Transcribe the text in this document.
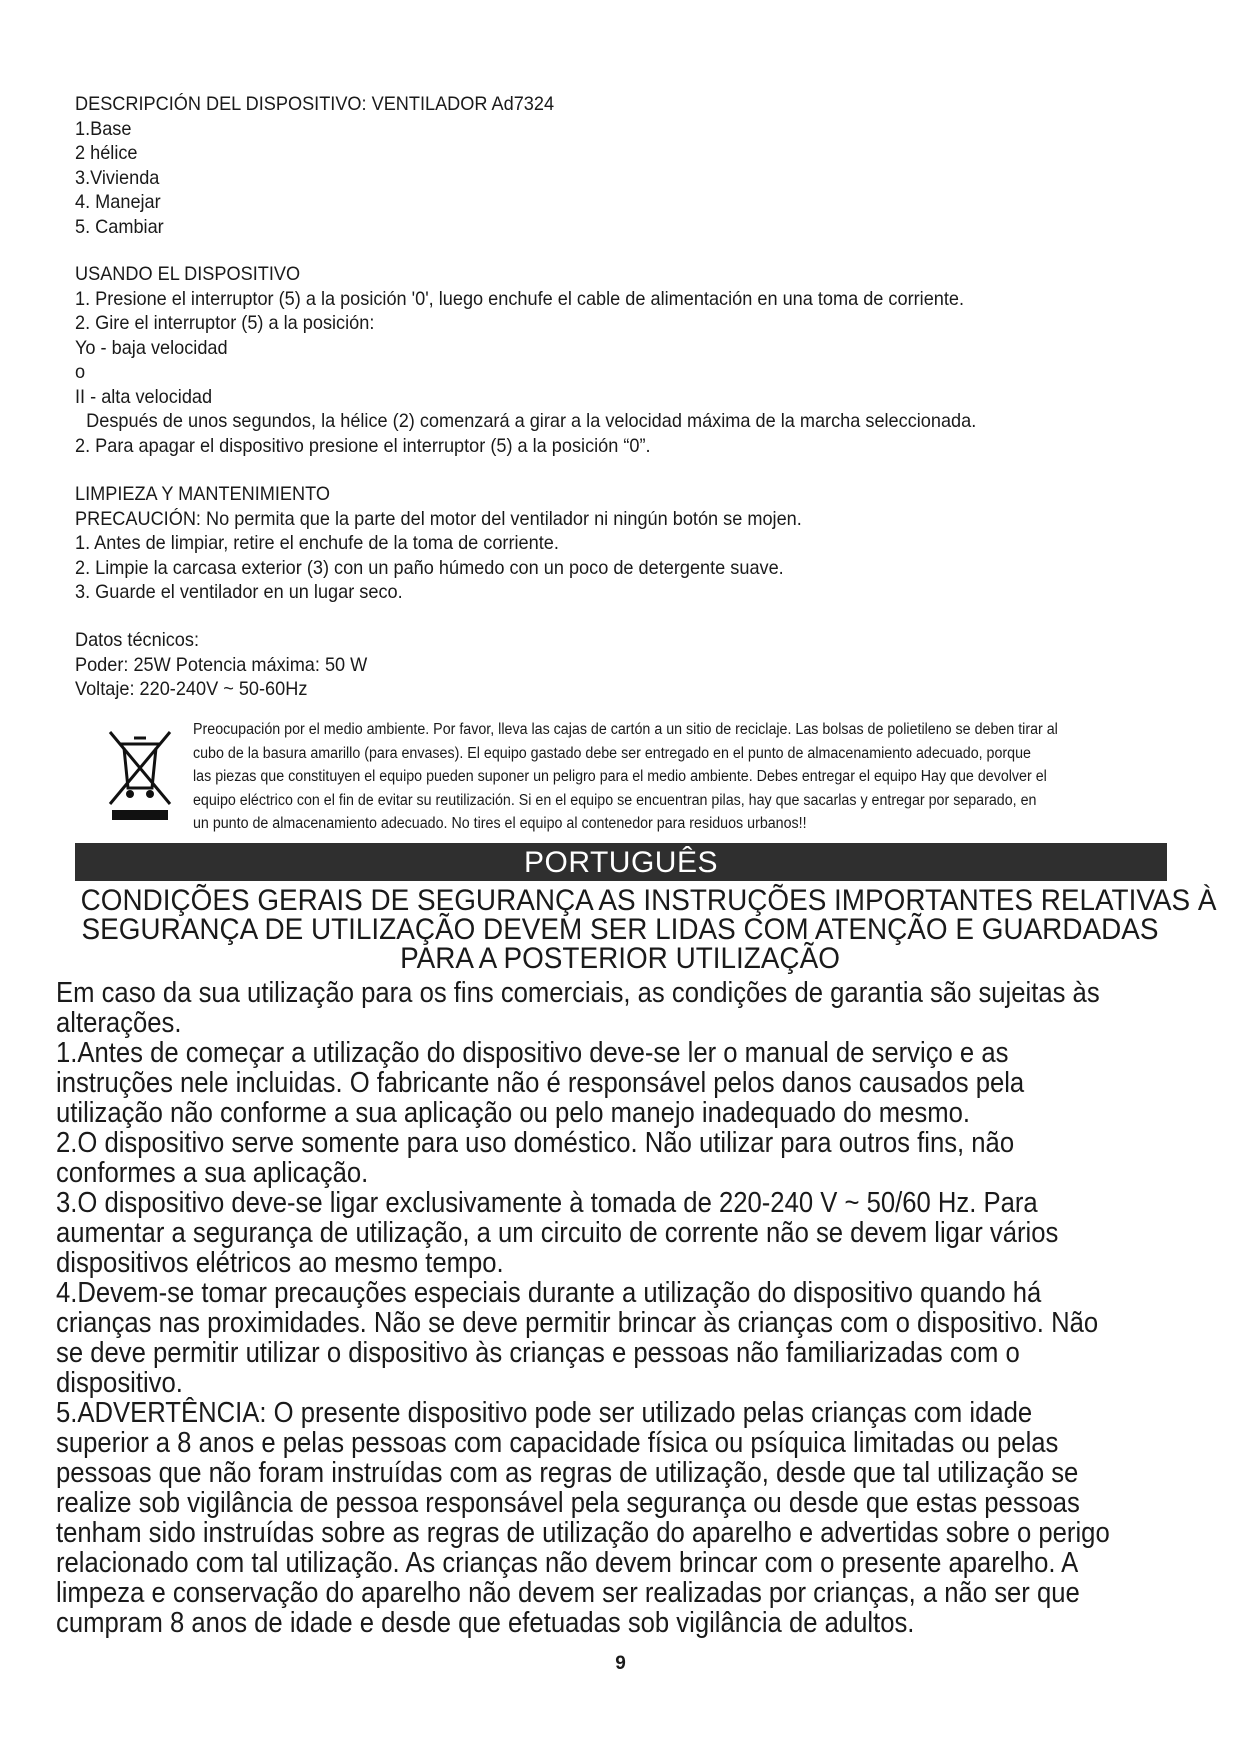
DESCRIPCIÓN DEL DISPOSITIVO: VENTILADOR Ad7324
1.Base
2 hélice
3.Vivienda
4. Manejar
5. Cambiar
USANDO EL DISPOSITIVO
1. Presione el interruptor (5) a la posición '0', luego enchufe el cable de alimentación en una toma de corriente.
2. Gire el interruptor (5) a la posición:
Yo - baja velocidad
o
II - alta velocidad
Después de unos segundos, la hélice (2) comenzará a girar a la velocidad máxima de la marcha seleccionada.
2. Para apagar el dispositivo presione el interruptor (5) a la posición “0”.
LIMPIEZA Y MANTENIMIENTO
PRECAUCIÓN: No permita que la parte del motor del ventilador ni ningún botón se mojen.
1. Antes de limpiar, retire el enchufe de la toma de corriente.
2. Limpie la carcasa exterior (3) con un paño húmedo con un poco de detergente suave.
3. Guarde el ventilador en un lugar seco.
Datos técnicos:
Poder: 25W Potencia máxima: 50 W
Voltaje: 220-240V ~ 50-60Hz
Preocupación por el medio ambiente. Por favor, lleva las cajas de cartón a un sitio de reciclaje. Las bolsas de polietileno se deben tirar al
cubo de la basura amarillo (para envases). El equipo gastado debe ser entregado en el punto de almacenamiento adecuado, porque
las piezas que constituyen el equipo pueden suponer un peligro para el medio ambiente. Debes entregar el equipo Hay que devolver el
equipo eléctrico con el fin de evitar su reutilización. Si en el equipo se encuentran pilas, hay que sacarlas y entregar por separado, en
un punto de almacenamiento adecuado. No tires el equipo al contenedor para residuos urbanos!!
PORTUGUÊS
CONDIÇÕES GERAIS DE SEGURANÇA AS INSTRUÇÕES IMPORTANTES RELATIVAS À
SEGURANÇA DE UTILIZAÇÃO DEVEM SER LIDAS COM ATENÇÃO E GUARDADAS
PARA A POSTERIOR UTILIZAÇÃO
Em caso da sua utilização para os fins comerciais, as condições de garantia são sujeitas às
alterações.
1.Antes de começar a utilização do dispositivo deve-se ler o manual de serviço e as
instruções nele incluidas. O fabricante não é responsável pelos danos causados pela
utilização não conforme a sua aplicação ou pelo manejo inadequado do mesmo.
2.O dispositivo serve somente para uso doméstico. Não utilizar para outros fins, não
conformes a sua aplicação.
3.O dispositivo deve-se ligar exclusivamente à tomada de 220-240 V ~ 50/60 Hz. Para
aumentar a segurança de utilização, a um circuito de corrente não se devem ligar vários
dispositivos elétricos ao mesmo tempo.
4.Devem-se tomar precauções especiais durante a utilização do dispositivo quando há
crianças nas proximidades. Não se deve permitir brincar às crianças com o dispositivo. Não
se deve permitir utilizar o dispositivo às crianças e pessoas não familiarizadas com o
dispositivo.
5.ADVERTÊNCIA: O presente dispositivo pode ser utilizado pelas crianças com idade
superior a 8 anos e pelas pessoas com capacidade física ou psíquica limitadas ou pelas
pessoas que não foram instruídas com as regras de utilização, desde que tal utilização se
realize sob vigilância de pessoa responsável pela segurança ou desde que estas pessoas
tenham sido instruídas sobre as regras de utilização do aparelho e advertidas sobre o perigo
relacionado com tal utilização. As crianças não devem brincar com o presente aparelho. A
limpeza e conservação do aparelho não devem ser realizadas por crianças, a não ser que
cumpram 8 anos de idade e desde que efetuadas sob vigilância de adultos.
9
